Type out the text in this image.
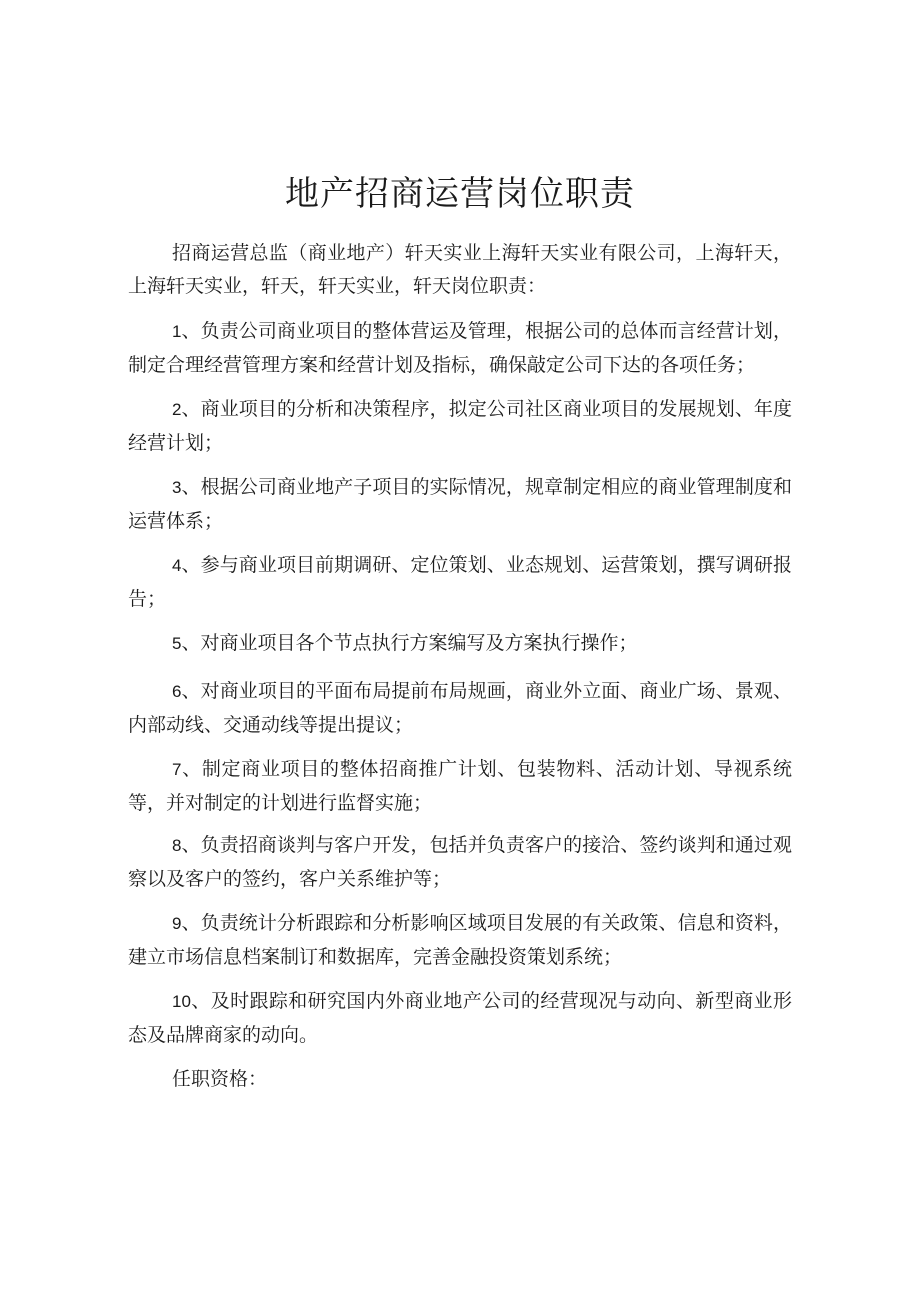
地产招商运营岗位职责

招商运营总监（商业地产）轩天实业上海轩天实业有限公司，上海轩天，上海轩天实业，轩天，轩天实业，轩天岗位职责：

1、负责公司商业项目的整体营运及管理，根据公司的总体而言经营计划，制定合理经营管理方案和经营计划及指标，确保敲定公司下达的各项任务；

2、商业项目的分析和决策程序，拟定公司社区商业项目的发展规划、年度经营计划；

3、根据公司商业地产子项目的实际情况，规章制定相应的商业管理制度和运营体系；

4、参与商业项目前期调研、定位策划、业态规划、运营策划，撰写调研报告；

5、对商业项目各个节点执行方案编写及方案执行操作；

6、对商业项目的平面布局提前布局规画，商业外立面、商业广场、景观、内部动线、交通动线等提出提议；

7、制定商业项目的整体招商推广计划、包装物料、活动计划、导视系统等，并对制定的计划进行监督实施；

8、负责招商谈判与客户开发，包括并负责客户的接洽、签约谈判和通过观察以及客户的签约，客户关系维护等；

9、负责统计分析跟踪和分析影响区域项目发展的有关政策、信息和资料，建立市场信息档案制订和数据库，完善金融投资策划系统；

10、及时跟踪和研究国内外商业地产公司的经营现况与动向、新型商业形态及品牌商家的动向。

任职资格：
